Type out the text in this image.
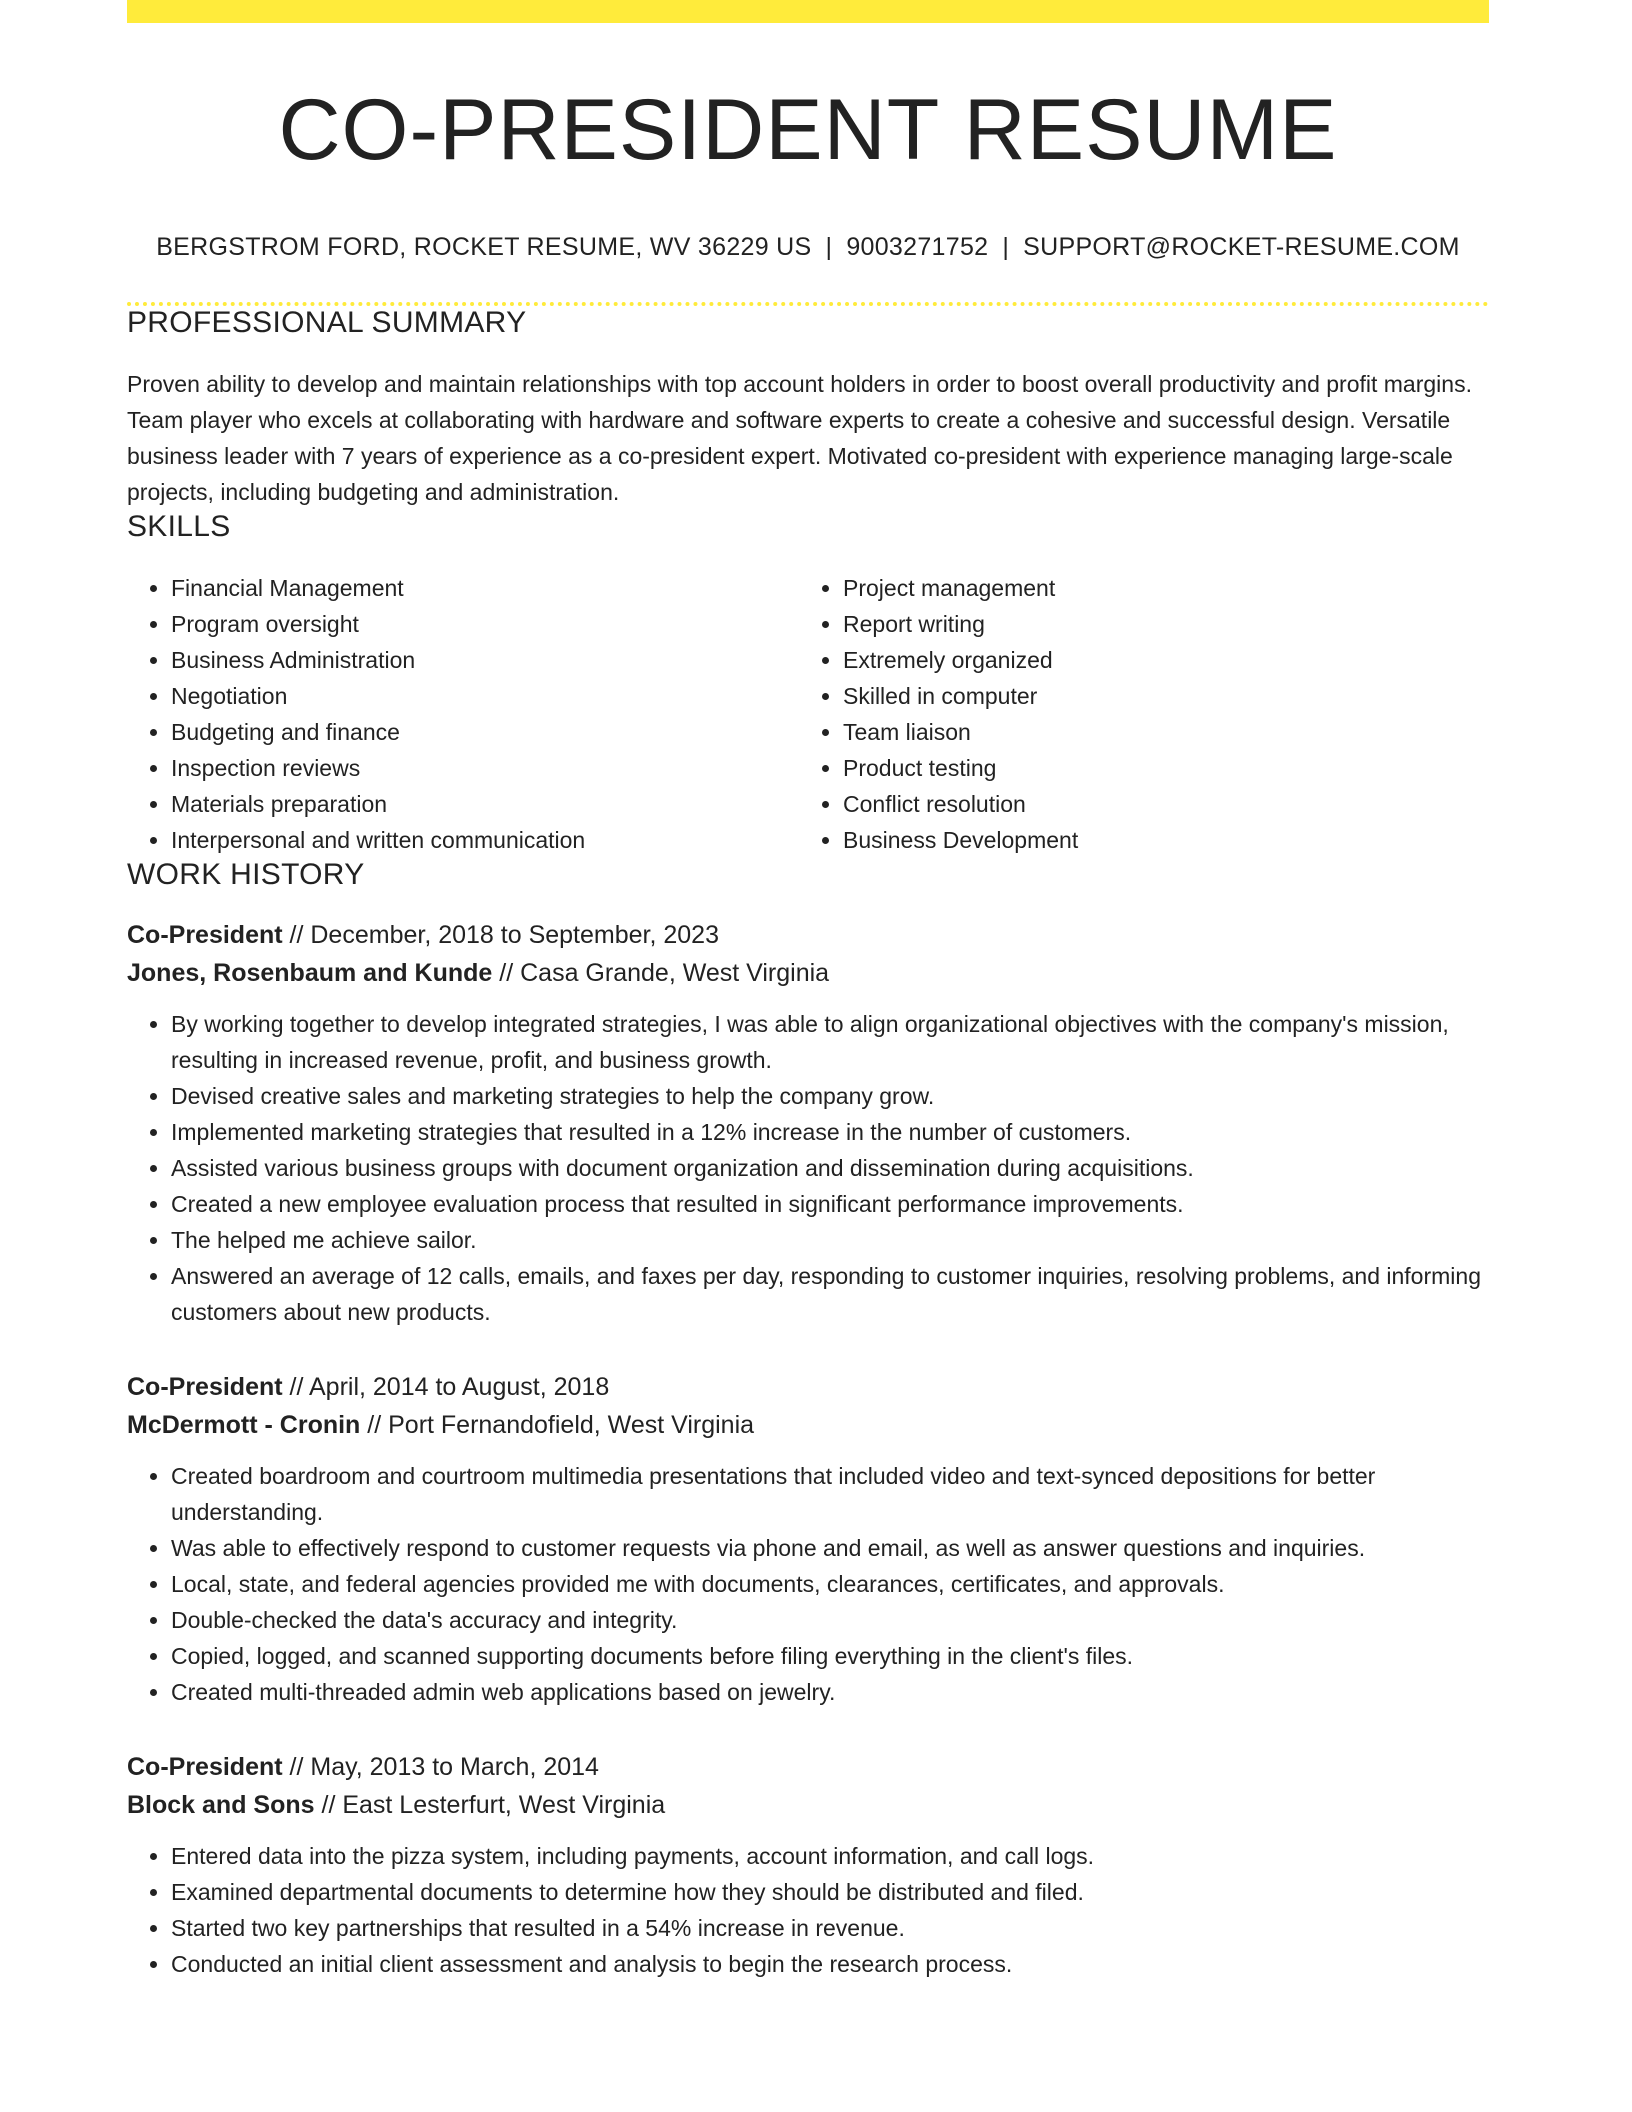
CO-PRESIDENT RESUME
BERGSTROM FORD, ROCKET RESUME, WV 36229 US | 9003271752 | SUPPORT@ROCKET-RESUME.COM
PROFESSIONAL SUMMARY

Proven ability to develop and maintain relationships with top account holders in order to boost overall productivity and profit margins. Team player who excels at collaborating with hardware and software experts to create a cohesive and successful design. Versatile business leader with 7 years of experience as a co-president expert. Motivated co-president with experience managing large-scale projects, including budgeting and administration.

SKILLS
• Financial Management
• Program oversight
• Business Administration
• Negotiation
• Budgeting and finance
• Inspection reviews
• Materials preparation
• Interpersonal and written communication
• Project management
• Report writing
• Extremely organized
• Skilled in computer
• Team liaison
• Product testing
• Conflict resolution
• Business Development
WORK HISTORY
Co-President // December, 2018 to September, 2023
Jones, Rosenbaum and Kunde // Casa Grande, West Virginia
• By working together to develop integrated strategies, I was able to align organizational objectives with the company's mission, resulting in increased revenue, profit, and business growth.
• Devised creative sales and marketing strategies to help the company grow.
• Implemented marketing strategies that resulted in a 12% increase in the number of customers.
• Assisted various business groups with document organization and dissemination during acquisitions.
• Created a new employee evaluation process that resulted in significant performance improvements.
• The helped me achieve sailor.
• Answered an average of 12 calls, emails, and faxes per day, responding to customer inquiries, resolving problems, and informing customers about new products.
Co-President // April, 2014 to August, 2018
McDermott - Cronin // Port Fernandofield, West Virginia
• Created boardroom and courtroom multimedia presentations that included video and text-synced depositions for better understanding.
• Was able to effectively respond to customer requests via phone and email, as well as answer questions and inquiries.
• Local, state, and federal agencies provided me with documents, clearances, certificates, and approvals.
• Double-checked the data's accuracy and integrity.
• Copied, logged, and scanned supporting documents before filing everything in the client's files.
• Created multi-threaded admin web applications based on jewelry.
Co-President // May, 2013 to March, 2014
Block and Sons // East Lesterfurt, West Virginia
• Entered data into the pizza system, including payments, account information, and call logs.
• Examined departmental documents to determine how they should be distributed and filed.
• Started two key partnerships that resulted in a 54% increase in revenue.
• Conducted an initial client assessment and analysis to begin the research process.
